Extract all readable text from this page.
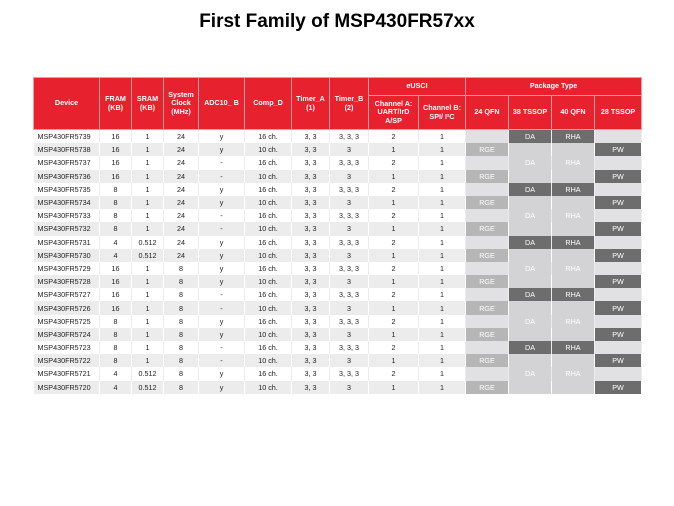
First Family of MSP430FR57xx
Device	FRAM (KB)	SRAM (KB)	System Clock (MHz)	ADC10_ B	Comp_D	Timer_A (1)	Timer_B (2)	eUSCI		Package Type			
								Channel A: UART/IrD A/SP	Channel B: SPI/ I²C	24 QFN	38 TSSOP	40 QFN	28 TSSOP
MSP430FR5739	16	1	24	y	16 ch.	3, 3	3, 3, 3	2	1		DA	RHA	
MSP430FR5738	16	1	24	y	10 ch.	3, 3	3	1	1	RGE			PW
MSP430FR5737	16	1	24	-	16 ch.	3, 3	3, 3, 3	2	1		DA	RHA	
MSP430FR5736	16	1	24	-	10 ch.	3, 3	3	1	1	RGE			PW
MSP430FR5735	8	1	24	y	16 ch.	3, 3	3, 3, 3	2	1		DA	RHA	
MSP430FR5734	8	1	24	y	10 ch.	3, 3	3	1	1	RGE			PW
MSP430FR5733	8	1	24	-	16 ch.	3, 3	3, 3, 3	2	1		DA	RHA	
MSP430FR5732	8	1	24	-	10 ch.	3, 3	3	1	1	RGE			PW
MSP430FR5731	4	0.512	24	y	16 ch.	3, 3	3, 3, 3	2	1		DA	RHA	
MSP430FR5730	4	0.512	24	y	10 ch.	3, 3	3	1	1	RGE			PW
MSP430FR5729	16	1	8	y	16 ch.	3, 3	3, 3, 3	2	1		DA	RHA	
MSP430FR5728	16	1	8	y	10 ch.	3, 3	3	1	1	RGE			PW
MSP430FR5727	16	1	8	-	16 ch.	3, 3	3, 3, 3	2	1		DA	RHA	
MSP430FR5726	16	1	8	-	10 ch.	3, 3	3	1	1	RGE			PW
MSP430FR5725	8	1	8	y	16 ch.	3, 3	3, 3, 3	2	1		DA	RHA	
MSP430FR5724	8	1	8	y	10 ch.	3, 3	3	1	1	RGE			PW
MSP430FR5723	8	1	8	-	16 ch.	3, 3	3, 3, 3	2	1		DA	RHA	
MSP430FR5722	8	1	8	-	10 ch.	3, 3	3	1	1	RGE			PW
MSP430FR5721	4	0.512	8	y	16 ch.	3, 3	3, 3, 3	2	1		DA	RHA	
MSP430FR5720	4	0.512	8	y	10 ch.	3, 3	3	1	1	RGE			PW
